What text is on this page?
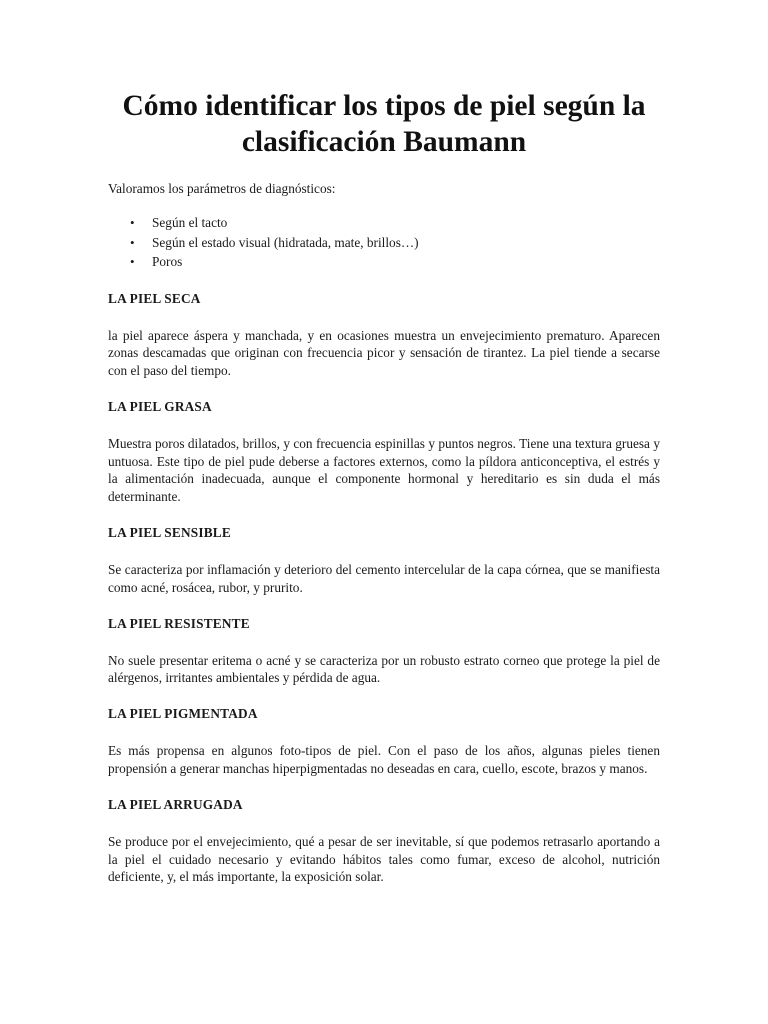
Cómo identificar los tipos de piel según la clasificación Baumann

Valoramos los parámetros de diagnósticos:

• Según el tacto
• Según el estado visual (hidratada, mate, brillos…)
• Poros
LA PIEL SECA

la piel aparece áspera y manchada, y en ocasiones muestra un envejecimiento prematuro. Aparecen zonas descamadas que originan con frecuencia picor y sensación de tirantez. La piel tiende a secarse con el paso del tiempo.

LA PIEL GRASA

Muestra poros dilatados, brillos, y con frecuencia espinillas y puntos negros. Tiene una textura gruesa y untuosa. Este tipo de piel pude deberse a factores externos, como la píldora anticonceptiva, el estrés y la alimentación inadecuada, aunque el componente hormonal y hereditario es sin duda el más determinante.

LA PIEL SENSIBLE

Se caracteriza por inflamación y deterioro del cemento intercelular de la capa córnea, que se manifiesta como acné, rosácea, rubor, y prurito.

LA PIEL RESISTENTE

No suele presentar eritema o acné y se caracteriza por un robusto estrato corneo que protege la piel de alérgenos, irritantes ambientales y pérdida de agua.

LA PIEL PIGMENTADA

Es más propensa en algunos foto-tipos de piel. Con el paso de los años, algunas pieles tienen propensión a generar manchas hiperpigmentadas no deseadas en cara, cuello, escote, brazos y manos.

LA PIEL ARRUGADA

Se produce por el envejecimiento, qué a pesar de ser inevitable, sí que podemos retrasarlo aportando a la piel el cuidado necesario y evitando hábitos tales como fumar, exceso de alcohol, nutrición deficiente, y, el más importante, la exposición solar.
